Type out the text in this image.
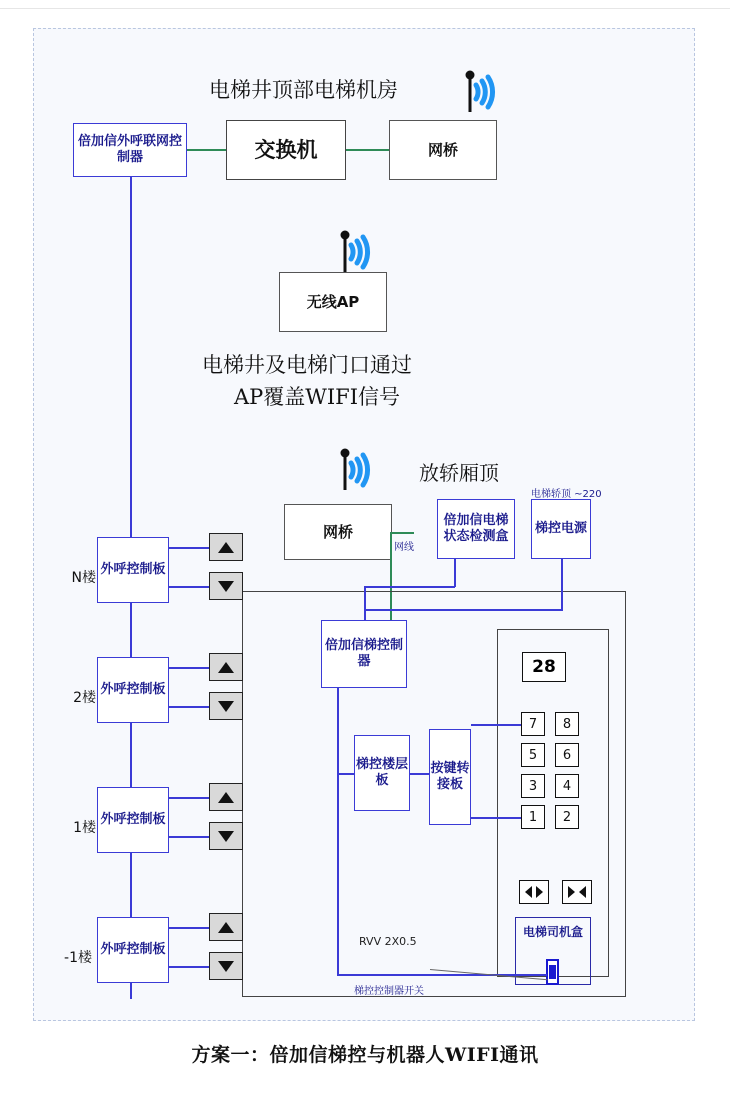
电梯井顶部电梯机房
倍加信外呼联网控制器	交换机	网桥
无线AP
电梯井及电梯门口通过
AP覆盖WIFI信号
放轿厢顶
网桥
网线
倍加信电梯状态检测盒
梯控电源
电梯轿顶 ~220
倍加信梯控制器
梯控楼层板
按键转接板
28
7	8
5	6
3	4
1	2
电梯司机盒
RVV 2X0.5
梯控控制器开关
N楼
外呼控制板
2楼
外呼控制板
1楼
外呼控制板
-1楼
外呼控制板
方案一：倍加信梯控与机器人WIFI通讯
